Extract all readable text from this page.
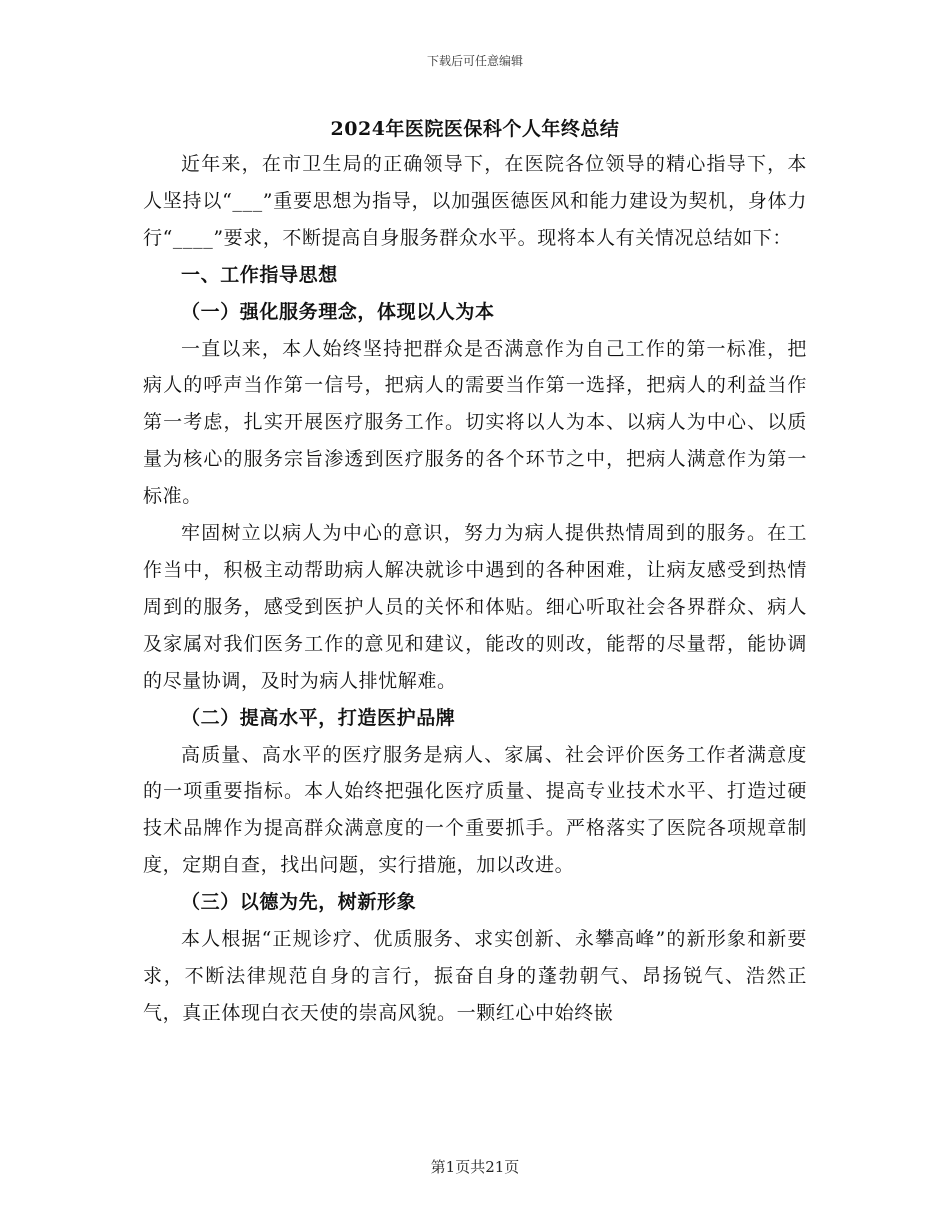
下载后可任意编辑
2024年医院医保科个人年终总结

近年来，在市卫生局的正确领导下，在医院各位领导的精心指导下，本人坚持以“___”重要思想为指导，以加强医德医风和能力建设为契机，身体力行“____”要求，不断提高自身服务群众水平。现将本人有关情况总结如下：

一、工作指导思想
（一）强化服务理念，体现以人为本

一直以来，本人始终坚持把群众是否满意作为自己工作的第一标准，把病人的呼声当作第一信号，把病人的需要当作第一选择，把病人的利益当作第一考虑，扎实开展医疗服务工作。切实将以人为本、以病人为中心、以质量为核心的服务宗旨渗透到医疗服务的各个环节之中，把病人满意作为第一标准。

牢固树立以病人为中心的意识，努力为病人提供热情周到的服务。在工作当中，积极主动帮助病人解决就诊中遇到的各种困难，让病友感受到热情周到的服务，感受到医护人员的关怀和体贴。细心听取社会各界群众、病人及家属对我们医务工作的意见和建议，能改的则改，能帮的尽量帮，能协调的尽量协调，及时为病人排忧解难。

（二）提高水平，打造医护品牌

高质量、高水平的医疗服务是病人、家属、社会评价医务工作者满意度的一项重要指标。本人始终把强化医疗质量、提高专业技术水平、打造过硬技术品牌作为提高群众满意度的一个重要抓手。严格落实了医院各项规章制度，定期自查，找出问题，实行措施，加以改进。

（三）以德为先，树新形象

本人根据“正规诊疗、优质服务、求实创新、永攀高峰”的新形象和新要求，不断法律规范自身的言行，振奋自身的蓬勃朝气、昂扬锐气、浩然正气，真正体现白衣天使的崇高风貌。一颗红心中始终嵌

第1页共21页
